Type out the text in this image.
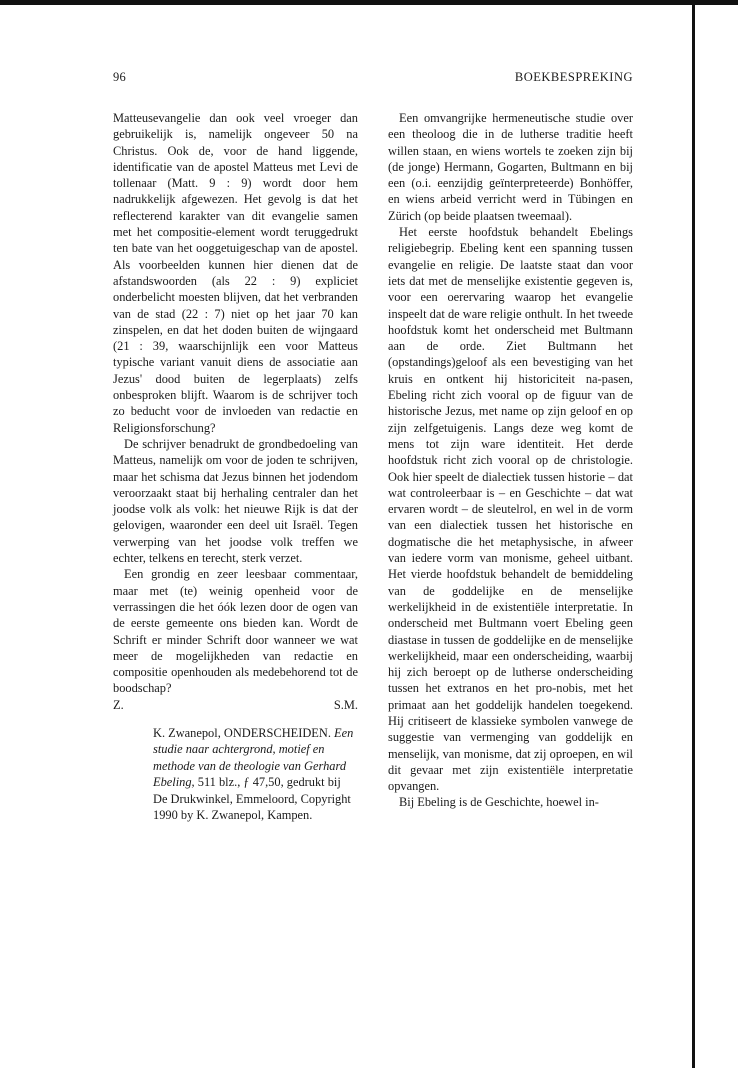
96	BOEKBESPREKING

Matteusevangelie dan ook veel vroeger dan gebruikelijk is, namelijk ongeveer 50 na Christus. Ook de, voor de hand liggende, identificatie van de apostel Matteus met Levi de tollenaar (Matt. 9 : 9) wordt door hem nadrukkelijk afgewezen. Het gevolg is dat het reflecterend karakter van dit evangelie samen met het compositie-element wordt teruggedrukt ten bate van het ooggetuigeschap van de apostel. Als voorbeelden kunnen hier dienen dat de afstandswoorden (als 22 : 9) expliciet onderbelicht moesten blijven, dat het verbranden van de stad (22 : 7) niet op het jaar 70 kan zinspelen, en dat het doden buiten de wijngaard (21 : 39, waarschijnlijk een voor Matteus typische variant vanuit diens de associatie aan Jezus' dood buiten de legerplaats) zelfs onbesproken blijft. Waarom is de schrijver toch zo beducht voor de invloeden van redactie en Religionsforschung?

De schrijver benadrukt de grondbedoeling van Matteus, namelijk om voor de joden te schrijven, maar het schisma dat Jezus binnen het jodendom veroorzaakt staat bij herhaling centraler dan het joodse volk als volk: het nieuwe Rijk is dat der gelovigen, waaronder een deel uit Israël. Tegen verwerping van het joodse volk treffen we echter, telkens en terecht, sterk verzet.

Een grondig en zeer leesbaar commentaar, maar met (te) weinig openheid voor de verrassingen die het óók lezen door de ogen van de eerste gemeente ons bieden kan. Wordt de Schrift er minder Schrift door wanneer we wat meer de mogelijkheden van redactie en compositie openhouden als medebehorend tot de boodschap?

Z.	S.M.
K. Zwanepol, ONDERSCHEIDEN. Een studie naar achtergrond, motief en methode van de theologie van Gerhard Ebeling, 511 blz., ƒ 47,50, gedrukt bij De Drukwinkel, Emmeloord, Copyright 1990 by K. Zwanepol, Kampen.

Een omvangrijke hermeneutische studie over een theoloog die in de lutherse traditie heeft willen staan, en wiens wortels te zoeken zijn bij (de jonge) Hermann, Gogarten, Bultmann en bij een (o.i. eenzijdig geïnterpreteerde) Bonhöffer, en wiens arbeid verricht werd in Tübingen en Zürich (op beide plaatsen tweemaal).

Het eerste hoofdstuk behandelt Ebelings religiebegrip. Ebeling kent een spanning tussen evangelie en religie. De laatste staat dan voor iets dat met de menselijke existentie gegeven is, voor een oerervaring waarop het evangelie inspeelt dat de ware religie onthult. In het tweede hoofdstuk komt het onderscheid met Bultmann aan de orde. Ziet Bultmann het (opstandings)geloof als een bevestiging van het kruis en ontkent hij historiciteit na-pasen, Ebeling richt zich vooral op de figuur van de historische Jezus, met name op zijn geloof en op zijn zelfgetuigenis. Langs deze weg komt de mens tot zijn ware identiteit. Het derde hoofdstuk richt zich vooral op de christologie. Ook hier speelt de dialectiek tussen historie – dat wat controleerbaar is – en Geschichte – dat wat ervaren wordt – de sleutelrol, en wel in de vorm van een dialectiek tussen het historische en dogmatische die het metaphysische, in afweer van iedere vorm van monisme, geheel uitbant. Het vierde hoofdstuk behandelt de bemiddeling van de goddelijke en de menselijke werkelijkheid in de existentiële interpretatie. In onderscheid met Bultmann voert Ebeling geen diastase in tussen de goddelijke en de menselijke werkelijkheid, maar een onderscheiding, waarbij hij zich beroept op de lutherse onderscheiding tussen het extranos en het pro-nobis, met het primaat aan het goddelijk handelen toegekend. Hij critiseert de klassieke symbolen vanwege de suggestie van vermenging van goddelijk en menselijk, van monisme, dat zij oproepen, en wil dit gevaar met zijn existentiële interpretatie opvangen.

Bij Ebeling is de Geschichte, hoewel in-
